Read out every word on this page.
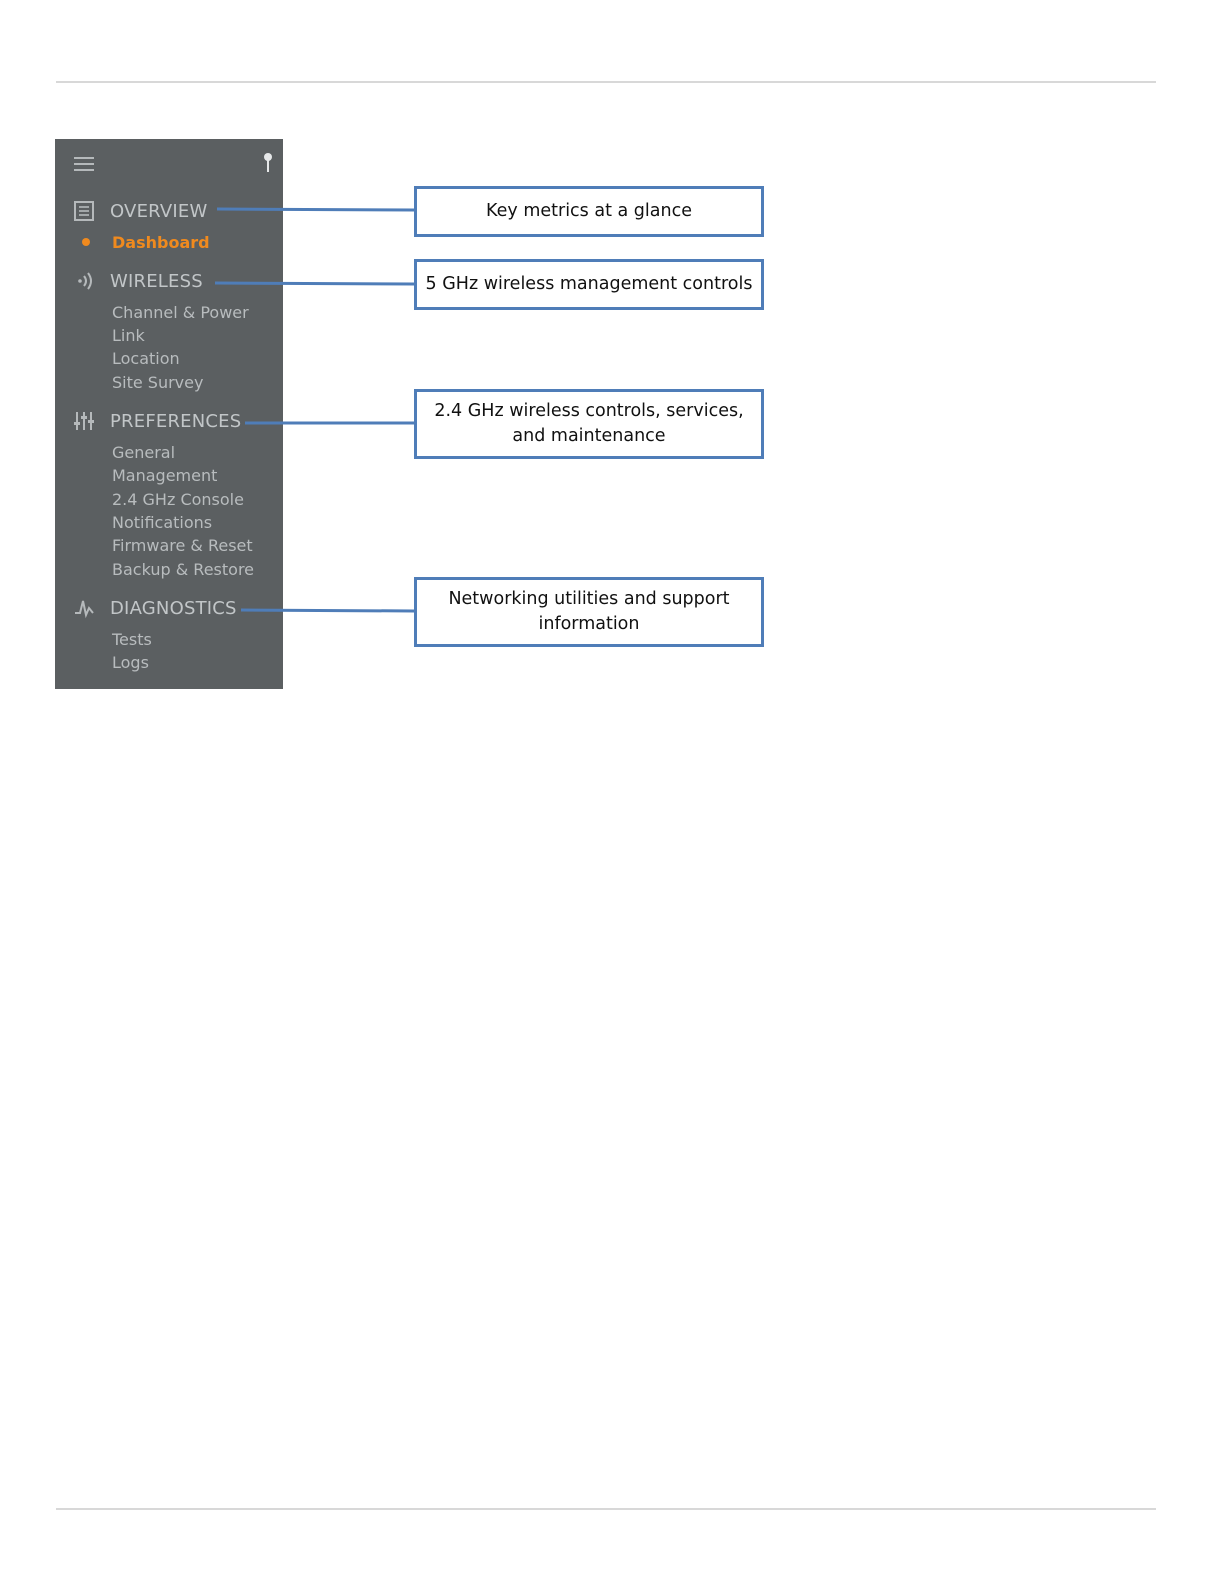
OVERVIEW
Dashboard
WIRELESS
Channel & Power
Link
Location
Site Survey
PREFERENCES
General
Management
2.4 GHz Console
Notifications
Firmware & Reset
Backup & Restore
DIAGNOSTICS
Tests
Logs
Key metrics at a glance
5 GHz wireless management controls
2.4 GHz wireless controls, services, and maintenance
Networking utilities and support information
